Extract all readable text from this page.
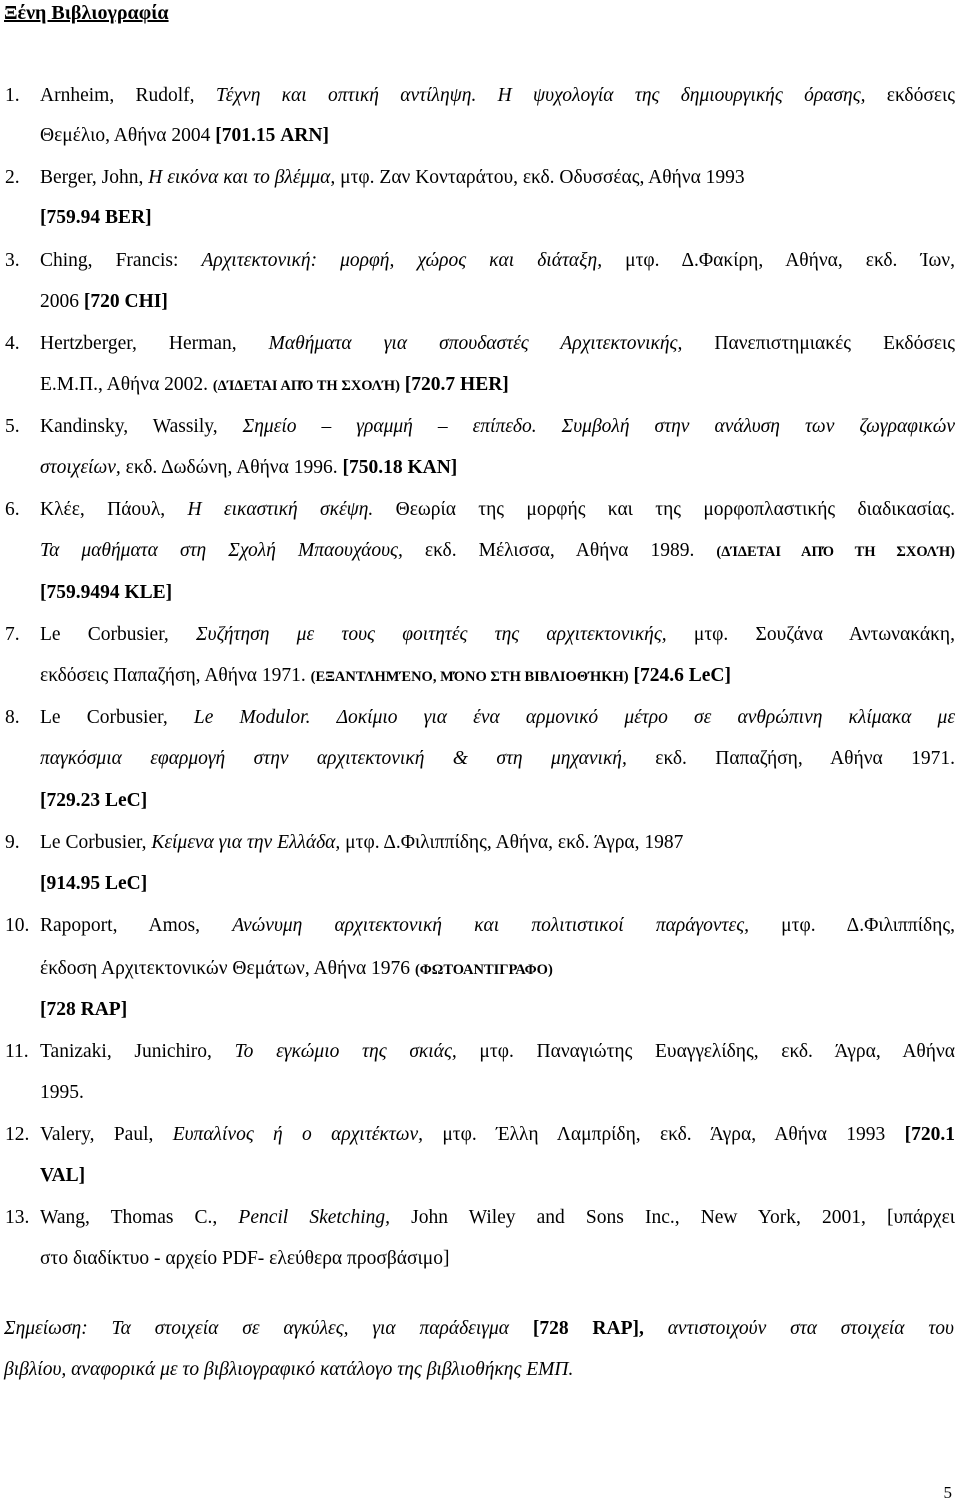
Ξένη Βιβλιογραφία
1. Arnheim, Rudolf, Τέχνη και οπτική αντίληψη. Η ψυχολογία της δημιουργικής όρασης, εκδόσεις
Θεμέλιο, Αθήνα 2004 [701.15 ARN]
2. Berger, John, Η εικόνα και το βλέμμα, μτφ. Ζαν Κονταράτου, εκδ. Οδυσσέας, Αθήνα 1993
[759.94 BER]
3. Ching, Francis: Αρχιτεκτονική: μορφή, χώρος και διάταξη, μτφ. Δ.Φακίρη, Αθήνα, εκδ. Ίων,
2006 [720 CHI]
4. Hertzberger, Herman, Μαθήματα για σπουδαστές Αρχιτεκτονικής, Πανεπιστημιακές Εκδόσεις
Ε.Μ.Π., Αθήνα 2002. (ΔΊΔΕΤΑΙ ΑΠΌ ΤΗ ΣΧΟΛΉ) [720.7 HER]
5. Kandinsky, Wassily, Σημείο – γραμμή – επίπεδο. Συμβολή στην ανάλυση των ζωγραφικών
στοιχείων, εκδ. Δωδώνη, Αθήνα 1996. [750.18 KAN]
6. Κλέε, Πάουλ, Η εικαστική σκέψη. Θεωρία της μορφής και της μορφοπλαστικής διαδικασίας.
Τα μαθήματα στη Σχολή Μπαουχάους, εκδ. Μέλισσα, Αθήνα 1989. (ΔΊΔΕΤΑΙ ΑΠΌ ΤΗ ΣΧΟΛΉ)
[759.9494 KLE]
7. Le Corbusier, Συζήτηση με τους φοιτητές της αρχιτεκτονικής, μτφ. Σουζάνα Αντωνακάκη,
εκδόσεις Παπαζήση, Αθήνα 1971. (ΕΞΑΝΤΛΗΜΈΝΟ, ΜΌΝΟ ΣΤΗ ΒΙΒΛΙΟΘΉΚΗ) [724.6 LeC]
8. Le Corbusier, Le Modulor. Δοκίμιο για ένα αρμονικό μέτρο σε ανθρώπινη κλίμακα με
παγκόσμια εφαρμογή στην αρχιτεκτονική & στη μηχανική, εκδ. Παπαζήση, Αθήνα 1971.
[729.23 LeC]
9. Le Corbusier, Κείμενα για την Ελλάδα, μτφ. Δ.Φιλιππίδης, Αθήνα, εκδ. Άγρα, 1987
[914.95 LeC]
10. Rapoport, Amos, Ανώνυμη αρχιτεκτονική και πολιτιστικοί παράγοντες, μτφ. Δ.Φιλιππίδης,
έκδοση Αρχιτεκτονικών Θεμάτων, Αθήνα 1976 (ΦΩΤΟΑΝΤΙΓΡΑΦΟ)
[728 RAP]
11. Tanizaki, Junichiro, Το εγκώμιο της σκιάς, μτφ. Παναγιώτης Ευαγγελίδης, εκδ. Άγρα, Αθήνα
1995.
12. Valery, Paul, Ευπαλίνος ή ο αρχιτέκτων, μτφ. Έλλη Λαμπρίδη, εκδ. Άγρα, Αθήνα 1993 [720.1
VAL]
13. Wang, Thomas C., Pencil Sketching, John Wiley and Sons Inc., New York, 2001, [υπάρχει
στο διαδίκτυο - αρχείο PDF- ελεύθερα προσβάσιμο]
Σημείωση: Τα στοιχεία σε αγκύλες, για παράδειγμα [728 RAP], αντιστοιχούν στα στοιχεία του
βιβλίου, αναφορικά με το βιβλιογραφικό κατάλογο της βιβλιοθήκης ΕΜΠ.
5
